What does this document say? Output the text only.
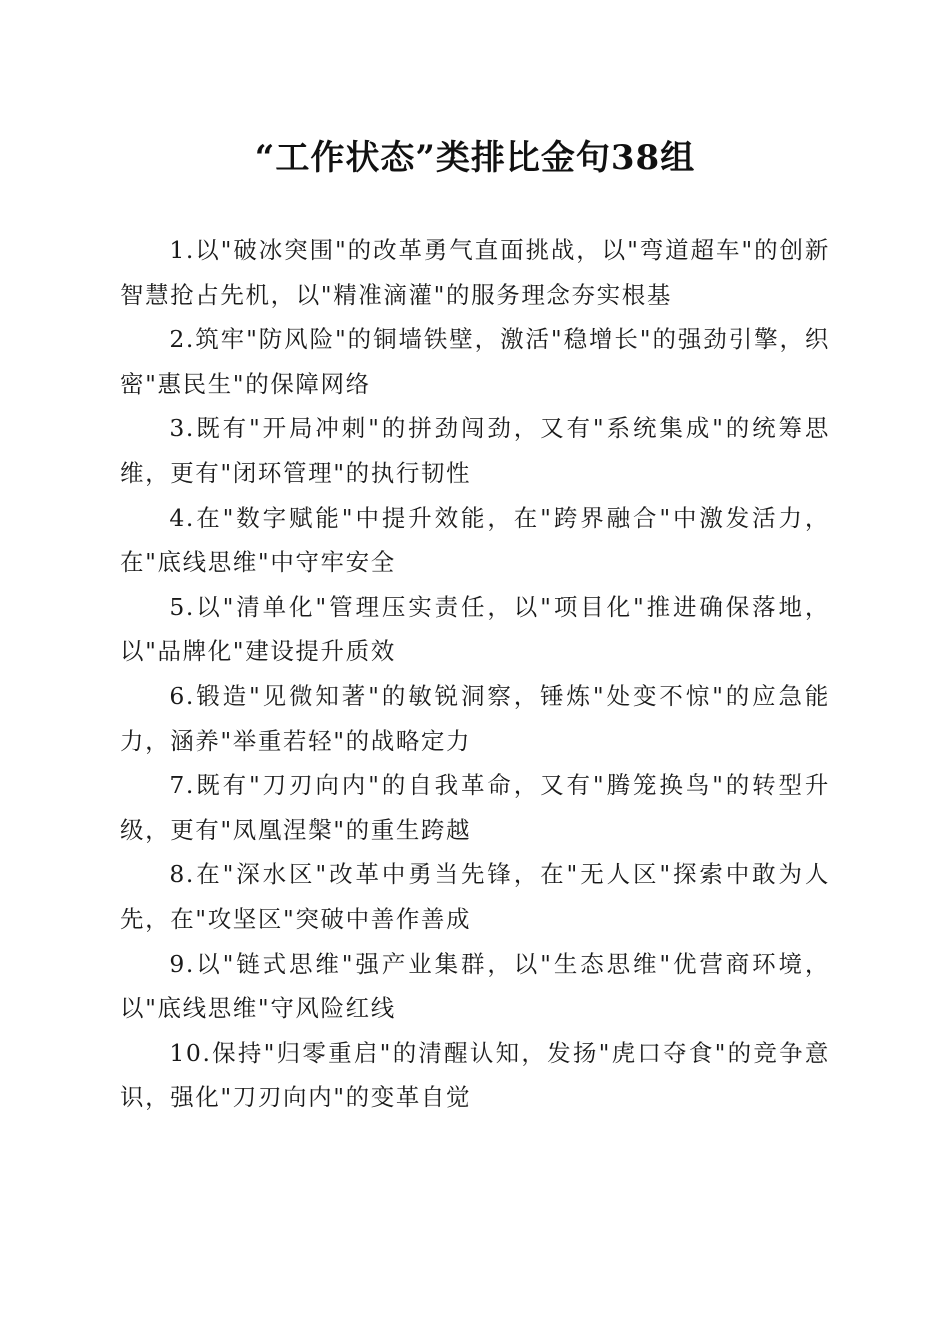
“工作状态”类排比金句38组

1.以"破冰突围"的改革勇气直面挑战，以"弯道超车"的创新智慧抢占先机，以"精准滴灌"的服务理念夯实根基

2.筑牢"防风险"的铜墙铁壁，激活"稳增长"的强劲引擎，织密"惠民生"的保障网络

3.既有"开局冲刺"的拼劲闯劲，又有"系统集成"的统筹思维，更有"闭环管理"的执行韧性

4.在"数字赋能"中提升效能，在"跨界融合"中激发活力，在"底线思维"中守牢安全

5.以"清单化"管理压实责任，以"项目化"推进确保落地，以"品牌化"建设提升质效

6.锻造"见微知著"的敏锐洞察，锤炼"处变不惊"的应急能力，涵养"举重若轻"的战略定力

7.既有"刀刃向内"的自我革命，又有"腾笼换鸟"的转型升级，更有"凤凰涅槃"的重生跨越

8.在"深水区"改革中勇当先锋，在"无人区"探索中敢为人先，在"攻坚区"突破中善作善成

9.以"链式思维"强产业集群，以"生态思维"优营商环境，以"底线思维"守风险红线

10.保持"归零重启"的清醒认知，发扬"虎口夺食"的竞争意识，强化"刀刃向内"的变革自觉
